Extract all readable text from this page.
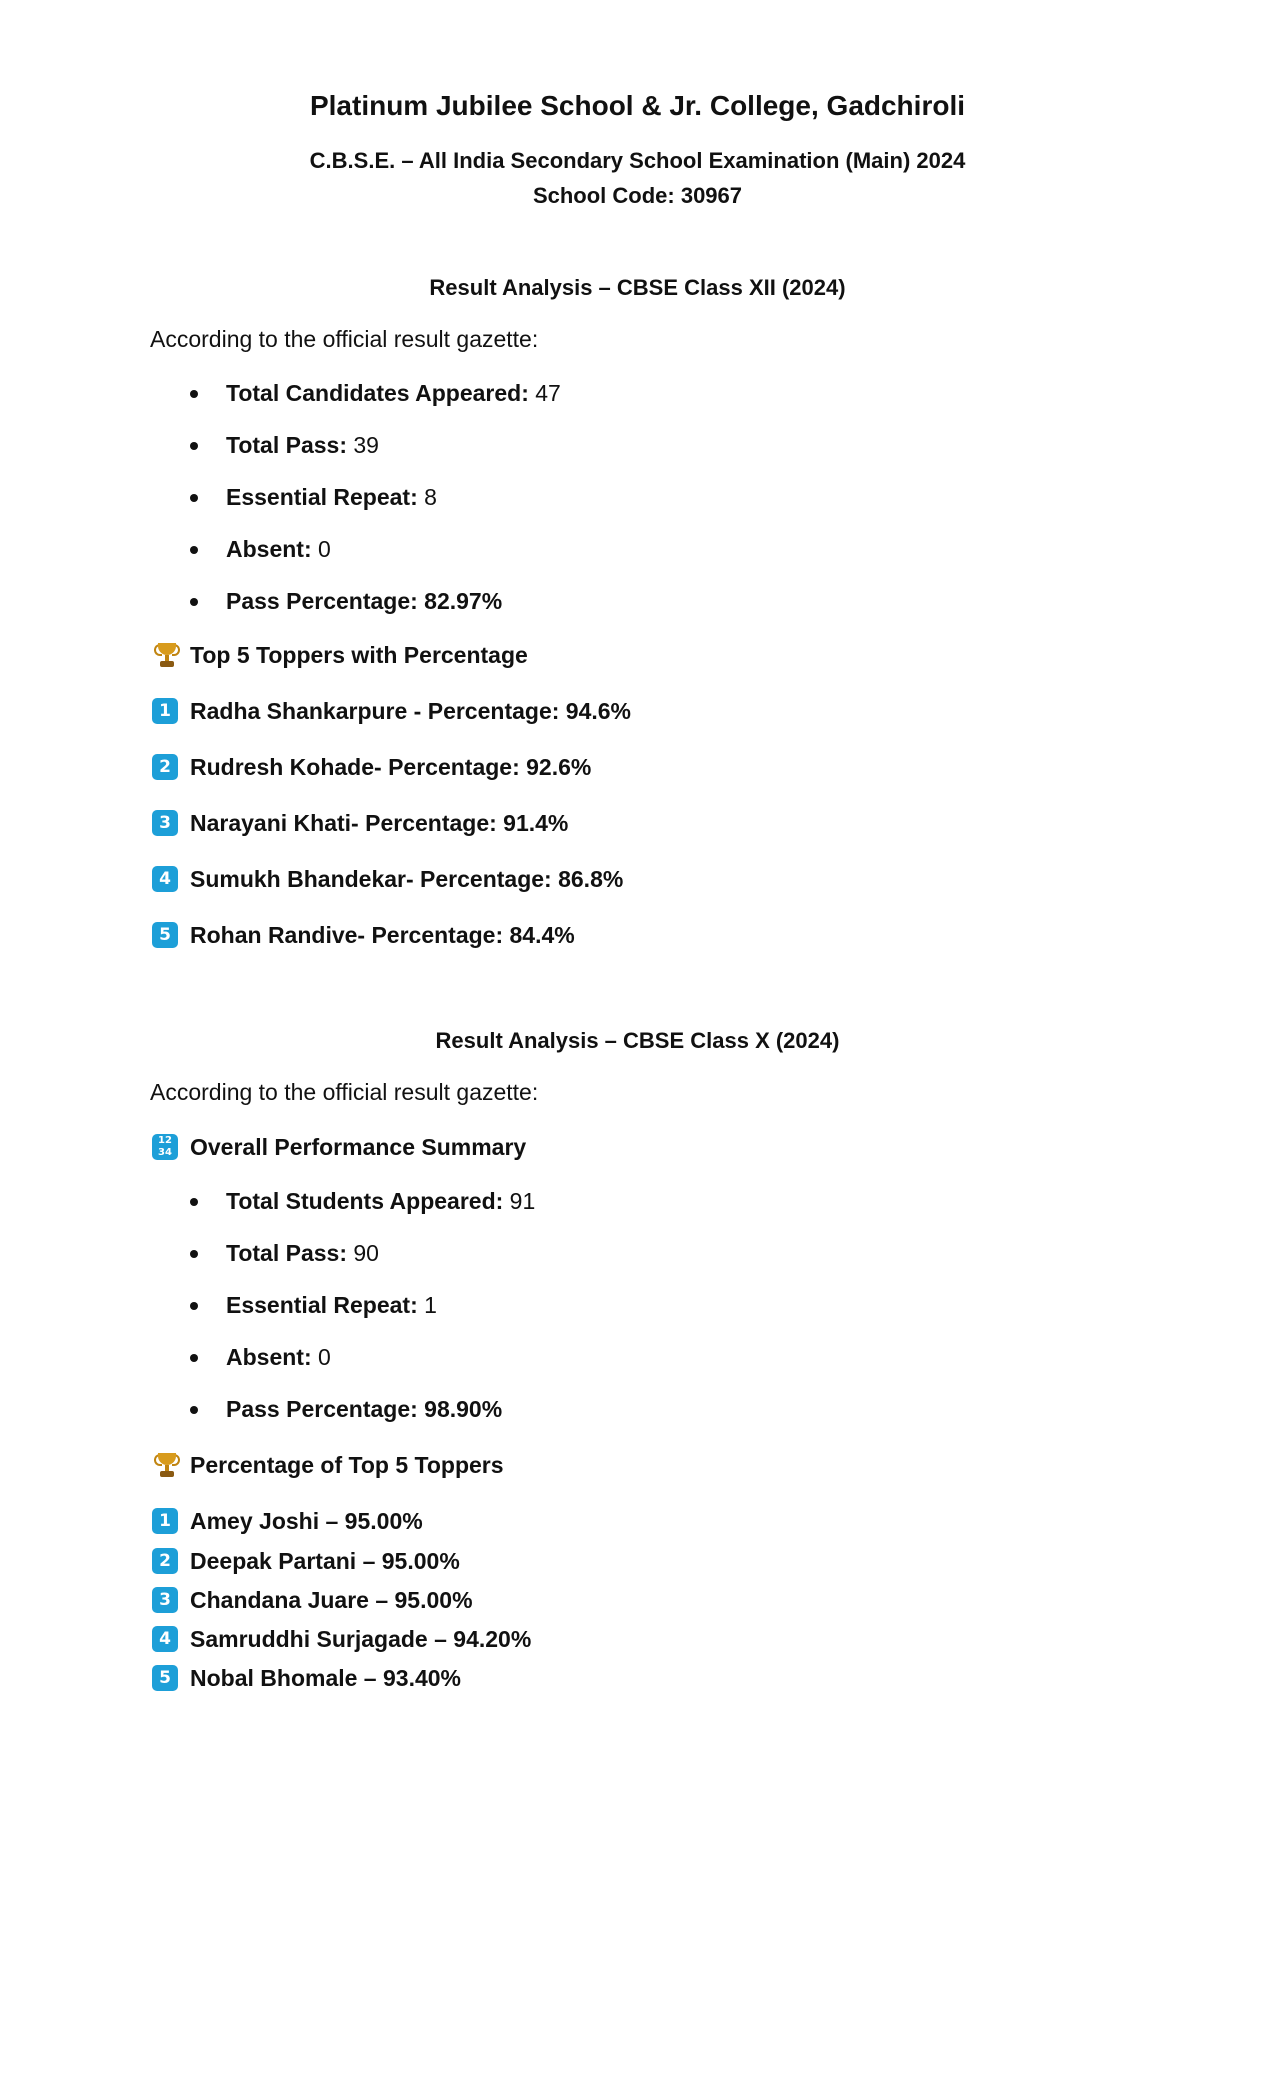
Platinum Jubilee School & Jr. College, Gadchiroli
C.B.S.E. – All India Secondary School Examination (Main) 2024
School Code: 30967
Result Analysis – CBSE Class XII (2024)
According to the official result gazette:
Total Candidates Appeared: 47
Total Pass: 39
Essential Repeat: 8
Absent: 0
Pass Percentage: 82.97%
Top 5 Toppers with Percentage
1 Radha Shankarpure - Percentage: 94.6%
2 Rudresh Kohade- Percentage: 92.6%
3 Narayani Khati- Percentage: 91.4%
4 Sumukh Bhandekar- Percentage: 86.8%
5 Rohan Randive- Percentage: 84.4%
Result Analysis – CBSE Class X (2024)
According to the official result gazette:
12
34 Overall Performance Summary
Total Students Appeared: 91
Total Pass: 90
Essential Repeat: 1
Absent: 0
Pass Percentage: 98.90%
Percentage of Top 5 Toppers
1 Amey Joshi – 95.00%
2 Deepak Partani – 95.00%
3 Chandana Juare – 95.00%
4 Samruddhi Surjagade – 94.20%
5 Nobal Bhomale – 93.40%
